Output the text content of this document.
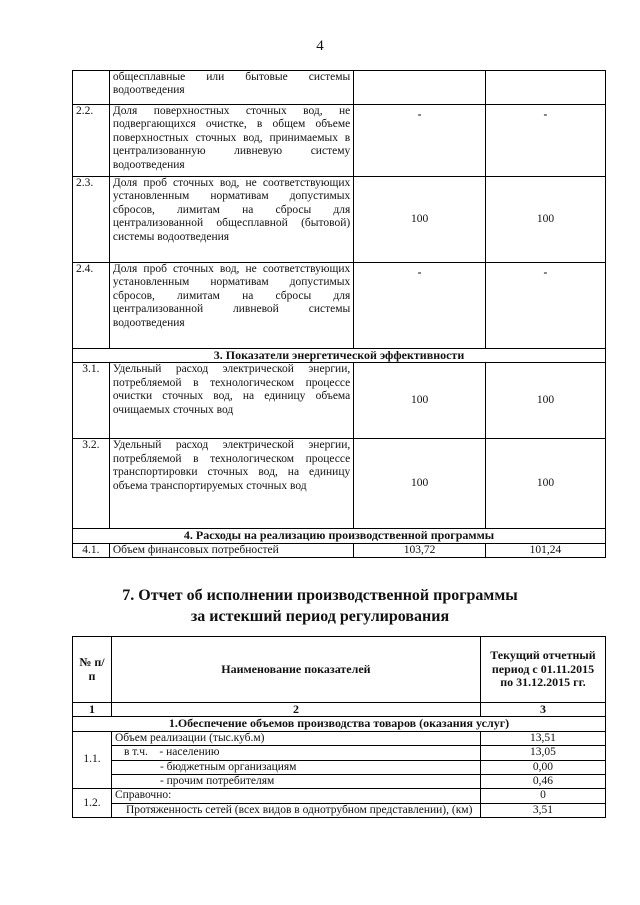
4
	общесплавные или бытовые системы водоотведения		
2.2.	Доля поверхностных сточных вод, не подвергающихся очистке, в общем объеме поверхностных сточных вод, принимаемых в централизованную ливневую систему водоотведения	-	-
2.3.	Доля проб сточных вод, не соответствующих установленным нормативам допустимых сбросов, лимитам на сбросы для централизованной общесплавной (бытовой) системы водоотведения	100	100
2.4.	Доля проб сточных вод, не соответствующих установленным нормативам допустимых сбросов, лимитам на сбросы для централизованной ливневой системы водоотведения	-	-
3. Показатели энергетической эффективности			
3.1.	Удельный расход электрической энергии, потребляемой в технологическом процессе очистки сточных вод, на единицу объема очищаемых сточных вод	100	100
3.2.	Удельный расход электрической энергии, потребляемой в технологическом процессе транспортировки сточных вод, на единицу объема транспортируемых сточных вод	100	100
4. Расходы на реализацию производственной программы			
4.1.	Объем финансовых потребностей	103,72	101,24
7. Отчет об исполнении производственной программы
за истекший период регулирования
№ п/п	Наименование показателей	Текущий отчетный период с 01.11.2015 по 31.12.2015 гг.
1	2	3
1.Обеспечение объемов производства товаров (оказания услуг)		
1.1.	Объем реализации (тыс.куб.м)	13,51
	в т.ч.    - населению	13,05
	- бюджетным организациям	0,00
	- прочим потребителям	0,46
1.2.	Справочно:	0
	Протяженность сетей (всех видов в однотрубном представлении), (км)	3,51
